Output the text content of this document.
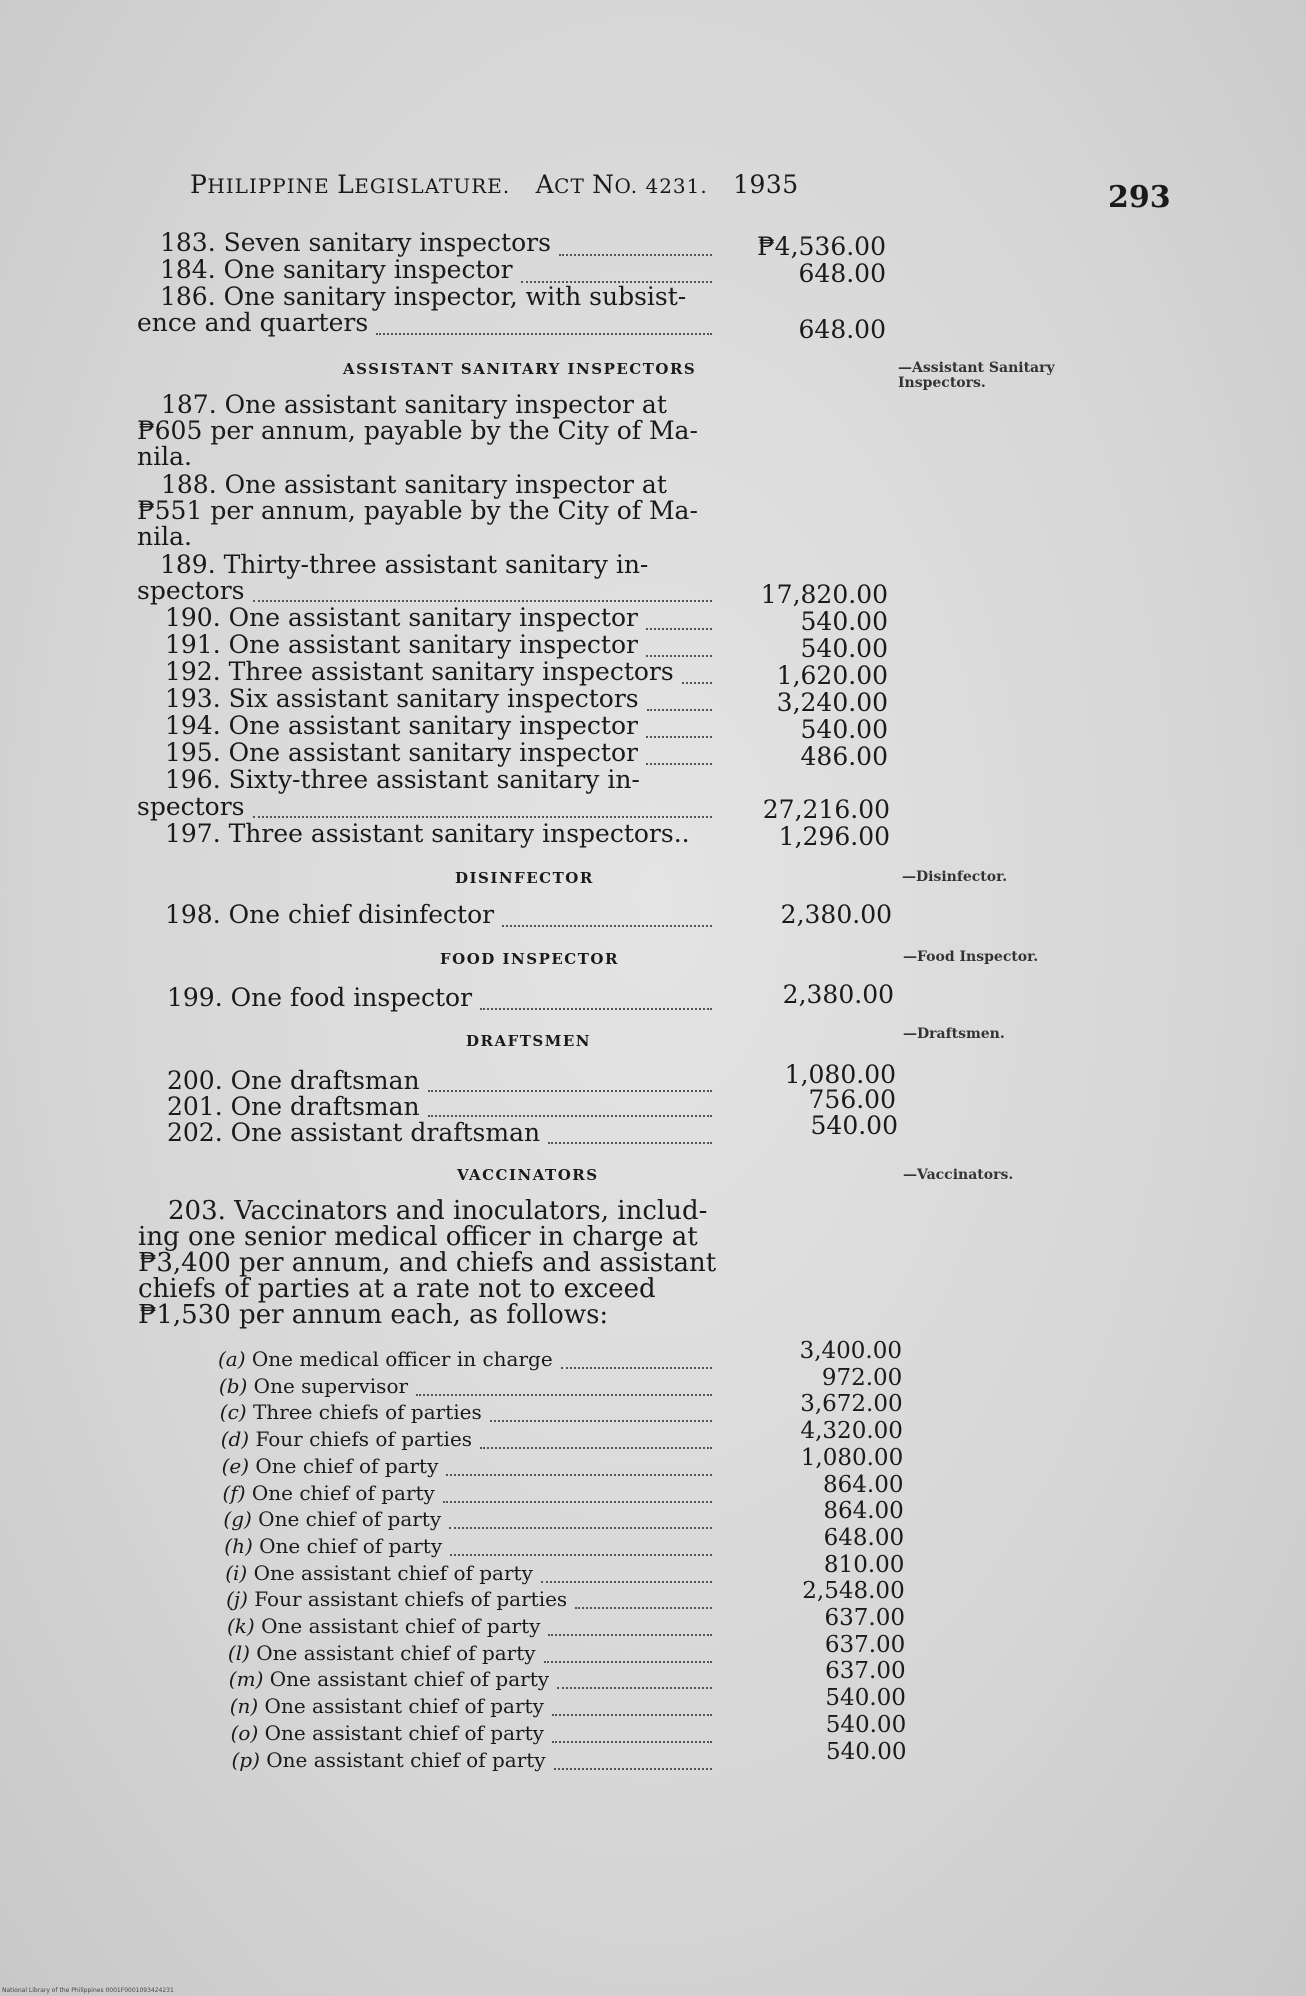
PHILIPPINE LEGISLATURE. ACT NO. 4231. 1935	293
183. Seven sanitary inspectors	₱4,536.00
184. One sanitary inspector	648.00
186. One sanitary inspector, with subsist-
ence and quarters	648.00
ASSISTANT SANITARY INSPECTORS	—Assistant Sanitary
Inspectors.
187. One assistant sanitary inspector at
₱605 per annum, payable by the City of Ma-
nila.
188. One assistant sanitary inspector at
₱551 per annum, payable by the City of Ma-
nila.
189. Thirty-three assistant sanitary in-
spectors	17,820.00
190. One assistant sanitary inspector	540.00
191. One assistant sanitary inspector	540.00
192. Three assistant sanitary inspectors	1,620.00
193. Six assistant sanitary inspectors	3,240.00
194. One assistant sanitary inspector	540.00
195. One assistant sanitary inspector	486.00
196. Sixty-three assistant sanitary in-
spectors	27,216.00
197. Three assistant sanitary inspectors..	1,296.00
DISINFECTOR	—Disinfector.
198. One chief disinfector	2,380.00
FOOD INSPECTOR	—Food Inspector.
199. One food inspector	2,380.00
DRAFTSMEN	—Draftsmen.
200. One draftsman	1,080.00
201. One draftsman	756.00
202. One assistant draftsman	540.00
VACCINATORS	—Vaccinators.
203. Vaccinators and inoculators, includ-
ing one senior medical officer in charge at
₱3,400 per annum, and chiefs and assistant
chiefs of parties at a rate not to exceed
₱1,530 per annum each, as follows:
(a) One medical officer in charge	3,400.00
(b) One supervisor	972.00
(c) Three chiefs of parties	3,672.00
(d) Four chiefs of parties	4,320.00
(e) One chief of party	1,080.00
(f) One chief of party	864.00
(g) One chief of party	864.00
(h) One chief of party	648.00
(i) One assistant chief of party	810.00
(j) Four assistant chiefs of parties	2,548.00
(k) One assistant chief of party	637.00
(l) One assistant chief of party	637.00
(m) One assistant chief of party	637.00
(n) One assistant chief of party	540.00
(o) One assistant chief of party	540.00
(p) One assistant chief of party	540.00
National Library of the Philippines 0001F0001093424231
